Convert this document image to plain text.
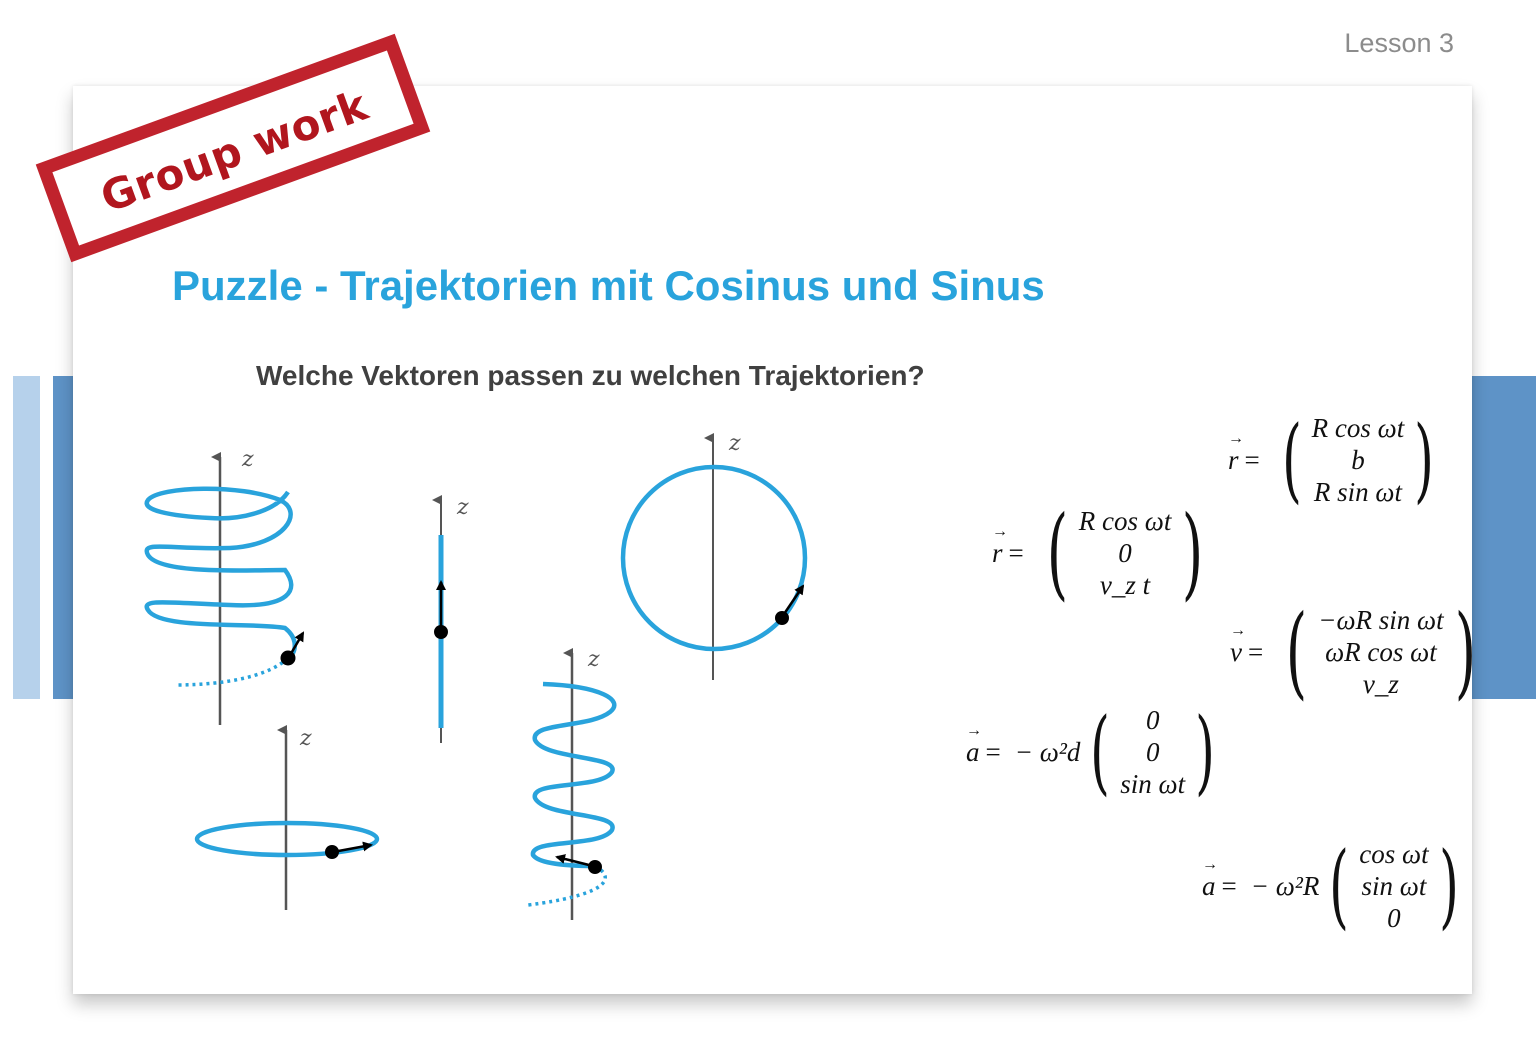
Lesson 3
Group work
Puzzle - Trajektorien mit Cosinus und Sinus
Welche Vektoren passen zu welchen Trajektorien?
z
z
z
z
z
→ r = ( R cos ωt
b
R sin ωt )
→ r = ( R cos ωt
0
v_z t )
→ v = ( −ωR sin ωt
ωR cos ωt
v_z )
→ a = − ω²d ( 0
0
sin ωt )
→ a = − ω²R ( cos ωt
sin ωt
0 )
